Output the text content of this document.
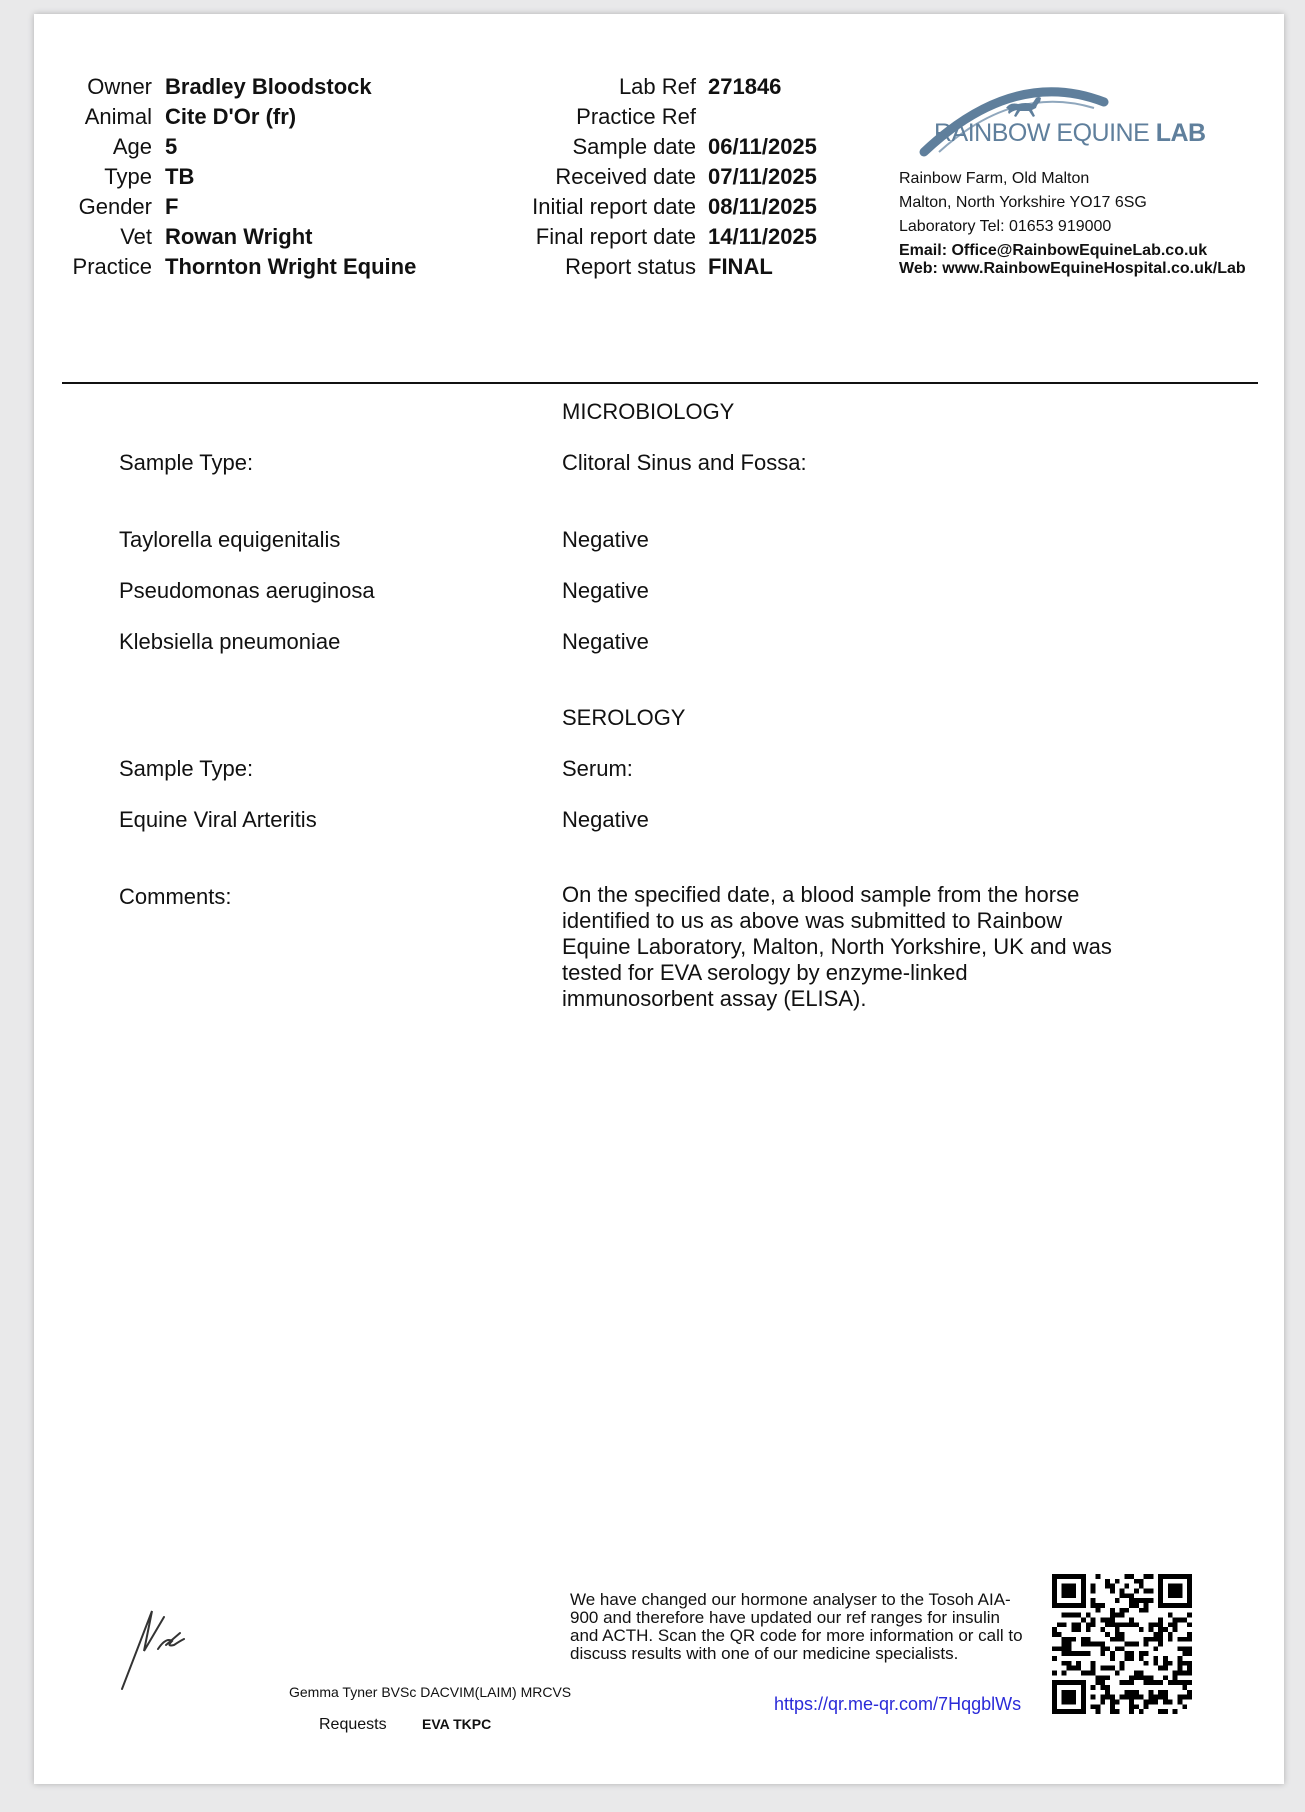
Owner Bradley Bloodstock
Animal Cite D'Or (fr)
Age 5
Type TB
Gender F
Vet Rowan Wright
Practice Thornton Wright Equine
Lab Ref 271846
Practice Ref
Sample date 06/11/2025
Received date 07/11/2025
Initial report date 08/11/2025
Final report date 14/11/2025
Report status FINAL
RAINBOW EQUINE LAB
Rainbow Farm, Old Malton
Malton, North Yorkshire YO17 6SG
Laboratory Tel: 01653 919000
Email: Office@RainbowEquineLab.co.uk
Web: www.RainbowEquineHospital.co.uk/Lab
MICROBIOLOGY
Sample Type:	Clitoral Sinus and Fossa:
Taylorella equigenitalis	Negative
Pseudomonas aeruginosa	Negative
Klebsiella pneumoniae	Negative
SEROLOGY
Sample Type:	Serum:
Equine Viral Arteritis	Negative
Comments:	On the specified date, a blood sample from the horse identified to us as above was submitted to Rainbow Equine Laboratory, Malton, North Yorkshire, UK and was tested for EVA serology by enzyme-linked immunosorbent assay (ELISA).
Gemma Tyner BVSc DACVIM(LAIM) MRCVS
Requests	EVA TKPC
We have changed our hormone analyser to the Tosoh AIA-900 and therefore have updated our ref ranges for insulin and ACTH. Scan the QR code for more information or call to discuss results with one of our medicine specialists.
https://qr.me-qr.com/7HqgblWs
